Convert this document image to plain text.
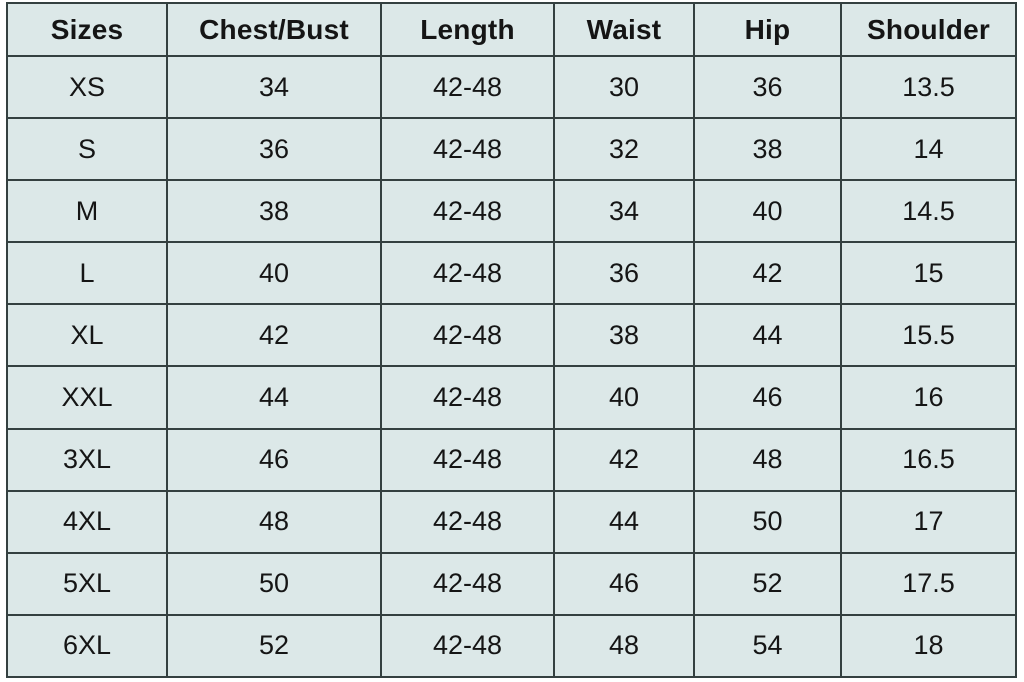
Sizes	Chest/Bust	Length	Waist	Hip	Shoulder
XS	34	42-48	30	36	13.5
S	36	42-48	32	38	14
M	38	42-48	34	40	14.5
L	40	42-48	36	42	15
XL	42	42-48	38	44	15.5
XXL	44	42-48	40	46	16
3XL	46	42-48	42	48	16.5
4XL	48	42-48	44	50	17
5XL	50	42-48	46	52	17.5
6XL	52	42-48	48	54	18
